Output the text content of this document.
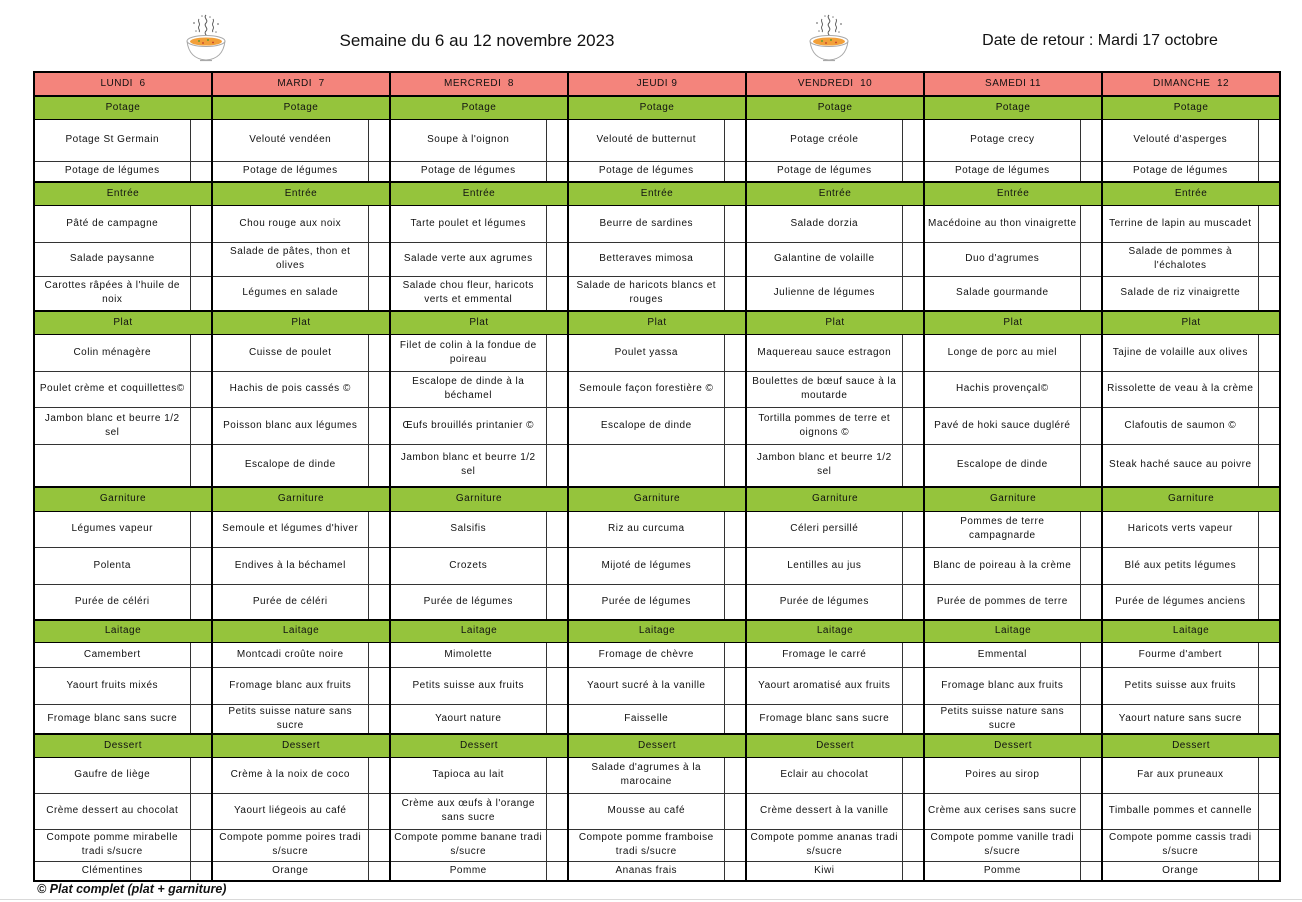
Semaine du 6 au 12 novembre 2023	Date de retour : Mardi 17 octobre
LUNDI  6		MARDI  7		MERCREDI  8		JEUDI 9		VENDREDI  10		SAMEDI 11		DIMANCHE  12	
Potage		Potage		Potage		Potage		Potage		Potage		Potage	
Potage St Germain		Velouté vendéen		Soupe à l'oignon		Velouté de butternut		Potage créole		Potage crecy		Velouté d'asperges	
Potage de légumes		Potage de légumes		Potage de légumes		Potage de légumes		Potage de légumes		Potage de légumes		Potage de légumes	
Entrée		Entrée		Entrée		Entrée		Entrée		Entrée		Entrée	
Pâté de campagne		Chou rouge aux noix		Tarte poulet et légumes		Beurre de sardines		Salade dorzia		Macédoine au thon vinaigrette		Terrine de lapin au muscadet	
Salade paysanne		Salade de pâtes, thon et olives		Salade verte aux agrumes		Betteraves mimosa		Galantine de volaille		Duo d'agrumes		Salade de pommes à l'échalotes	
Carottes râpées à l'huile de noix		Légumes en salade		Salade chou fleur, haricots verts et emmental		Salade de haricots blancs et rouges		Julienne de légumes		Salade gourmande		Salade de riz vinaigrette	
Plat		Plat		Plat		Plat		Plat		Plat		Plat	
Colin ménagère		Cuisse de poulet		Filet de colin à la fondue de poireau		Poulet yassa		Maquereau sauce estragon		Longe de porc au miel		Tajine de volaille aux olives	
Poulet crème et coquillettes©		Hachis de pois cassés ©		Escalope de dinde à la béchamel		Semoule façon forestière ©		Boulettes de bœuf sauce à la moutarde		Hachis provençal©		Rissolette de veau à la crème	
Jambon blanc et beurre 1/2 sel		Poisson blanc aux légumes		Œufs brouillés printanier ©		Escalope de dinde		Tortilla pommes de terre et oignons ©		Pavé de hoki sauce dugléré		Clafoutis de saumon ©	
		Escalope de dinde		Jambon blanc et beurre 1/2 sel				Jambon blanc et beurre 1/2 sel		Escalope de dinde		Steak haché sauce au poivre	
Garniture		Garniture		Garniture		Garniture		Garniture		Garniture		Garniture	
Légumes vapeur		Semoule et légumes d'hiver		Salsifis		Riz au curcuma		Céleri persillé		Pommes de terre campagnarde		Haricots verts vapeur	
Polenta		Endives à la béchamel		Crozets		Mijoté de légumes		Lentilles au jus		Blanc de poireau à la crème		Blé aux petits légumes	
Purée de céléri		Purée de céléri		Purée de légumes		Purée de légumes		Purée de légumes		Purée de pommes de terre		Purée de légumes anciens	
Laitage		Laitage		Laitage		Laitage		Laitage		Laitage		Laitage	
Camembert		Montcadi croûte noire		Mimolette		Fromage de chèvre		Fromage le carré		Emmental		Fourme d'ambert	
Yaourt fruits mixés		Fromage blanc aux fruits		Petits suisse aux fruits		Yaourt sucré à la vanille		Yaourt aromatisé aux fruits		Fromage blanc aux fruits		Petits suisse aux fruits	
Fromage blanc sans sucre		Petits suisse nature sans sucre		Yaourt nature		Faisselle		Fromage blanc sans sucre		Petits suisse nature sans sucre		Yaourt nature sans sucre	
Dessert		Dessert		Dessert		Dessert		Dessert		Dessert		Dessert	
Gaufre de liège		Crème à la noix de coco		Tapioca au lait		Salade d'agrumes à la marocaine		Eclair au chocolat		Poires au sirop		Far aux pruneaux	
Crème dessert au chocolat		Yaourt liégeois au café		Crème aux œufs à l'orange sans sucre		Mousse au café		Crème dessert à la vanille		Crème aux cerises sans sucre		Timballe pommes et cannelle	
Compote pomme mirabelle tradi s/sucre		Compote pomme poires tradi s/sucre		Compote pomme banane tradi s/sucre		Compote pomme framboise tradi s/sucre		Compote pomme ananas tradi s/sucre		Compote pomme vanille tradi s/sucre		Compote pomme cassis tradi s/sucre	
Clémentines		Orange		Pomme		Ananas frais		Kiwi		Pomme		Orange	
© Plat complet (plat + garniture)
